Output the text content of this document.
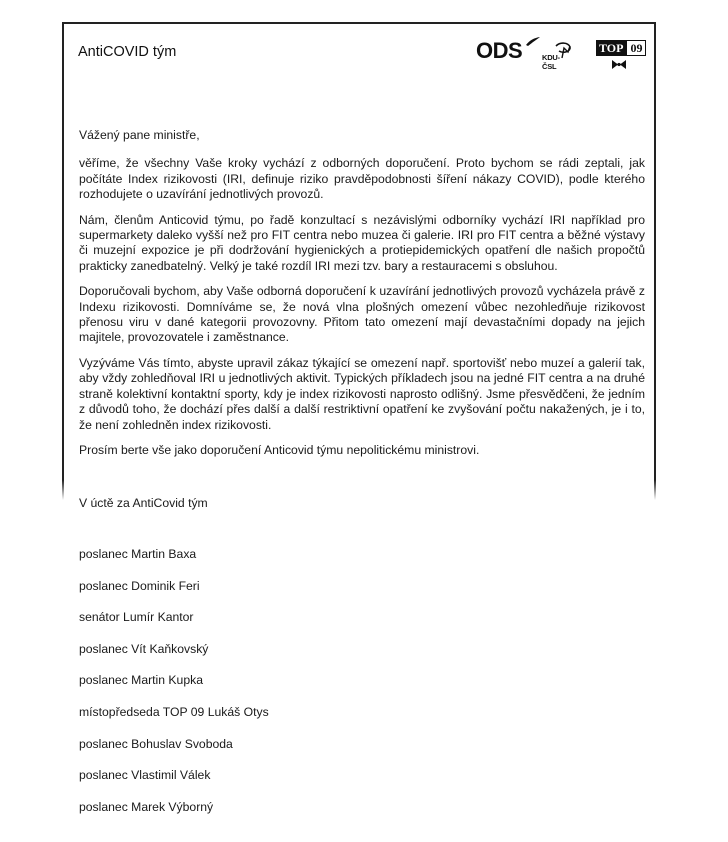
AntiCOVID tým	ODS	KDU-ČSL
TOP 09

Vážený pane ministře,

věříme, že všechny Vaše kroky vychází z odborných doporučení. Proto bychom se rádi zeptali, jak počítáte Index rizikovosti (IRI, definuje riziko pravděpodobnosti šíření nákazy COVID), podle kterého rozhodujete o uzavírání jednotlivých provozů.

Nám, členům Anticovid týmu, po řadě konzultací s nezávislými odborníky vychází IRI například pro supermarkety daleko vyšší než pro FIT centra nebo muzea či galerie. IRI pro FIT centra a běžné výstavy či muzejní expozice je při dodržování hygienických a protiepidemických opatření dle našich propočtů prakticky zanedbatelný. Velký je také rozdíl IRI mezi tzv. bary a restauracemi s obsluhou.

Doporučovali bychom, aby Vaše odborná doporučení k uzavírání jednotlivých provozů vycházela právě z Indexu rizikovosti. Domníváme se, že nová vlna plošných omezení vůbec nezohledňuje rizikovost přenosu viru v dané kategorii provozovny. Přitom tato omezení mají devastačními dopady na jejich majitele, provozovatele i zaměstnance.

Vyzýváme Vás tímto, abyste upravil zákaz týkající se omezení např. sportovišť nebo muzeí a galerií tak, aby vždy zohledňoval IRI u jednotlivých aktivit. Typických příkladech jsou na jedné FIT centra a na druhé straně kolektivní kontaktní sporty, kdy je index rizikovosti naprosto odlišný. Jsme přesvědčeni, že jedním z důvodů toho, že dochází přes další a další restriktivní opatření ke zvyšování počtu nakažených, je i to, že není zohledněn index rizikovosti.

Prosím berte vše jako doporučení Anticovid týmu nepolitickému ministrovi.

V úctě za AntiCovid tým
poslanec Martin Baxa
poslanec Dominik Feri
senátor Lumír Kantor
poslanec Vít Kaňkovský
poslanec Martin Kupka
místopředseda TOP 09 Lukáš Otys
poslanec Bohuslav Svoboda
poslanec Vlastimil Válek
poslanec Marek Výborný
